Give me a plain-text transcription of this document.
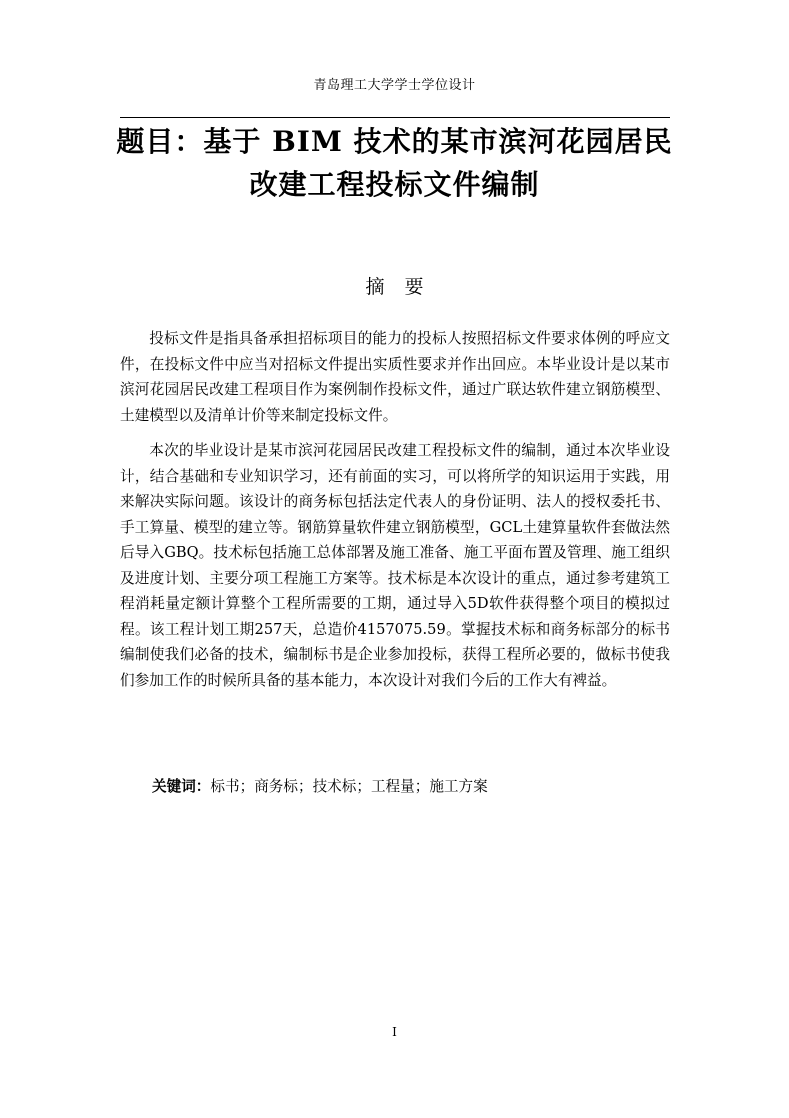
青岛理工大学学士学位设计
题目：基于 BIM 技术的某市滨河花园居民
改建工程投标文件编制
摘要

投标文件是指具备承担招标项目的能力的投标人按照招标文件要求体例的呼应文件，在投标文件中应当对招标文件提出实质性要求并作出回应。本毕业设计是以某市滨河花园居民改建工程项目作为案例制作投标文件，通过广联达软件建立钢筋模型、土建模型以及清单计价等来制定投标文件。

本次的毕业设计是某市滨河花园居民改建工程投标文件的编制，通过本次毕业设计，结合基础和专业知识学习，还有前面的实习，可以将所学的知识运用于实践，用来解决实际问题。该设计的商务标包括法定代表人的身份证明、法人的授权委托书、手工算量、模型的建立等。钢筋算量软件建立钢筋模型，GCL土建算量软件套做法然后导入GBQ。技术标包括施工总体部署及施工准备、施工平面布置及管理、施工组织及进度计划、主要分项工程施工方案等。技术标是本次设计的重点，通过参考建筑工程消耗量定额计算整个工程所需要的工期，通过导入5D软件获得整个项目的模拟过程。该工程计划工期257天，总造价4157075.59。掌握技术标和商务标部分的标书编制使我们必备的技术，编制标书是企业参加投标，获得工程所必要的，做标书使我们参加工作的时候所具备的基本能力，本次设计对我们今后的工作大有裨益。

关键词：标书；商务标；技术标；工程量；施工方案
I
